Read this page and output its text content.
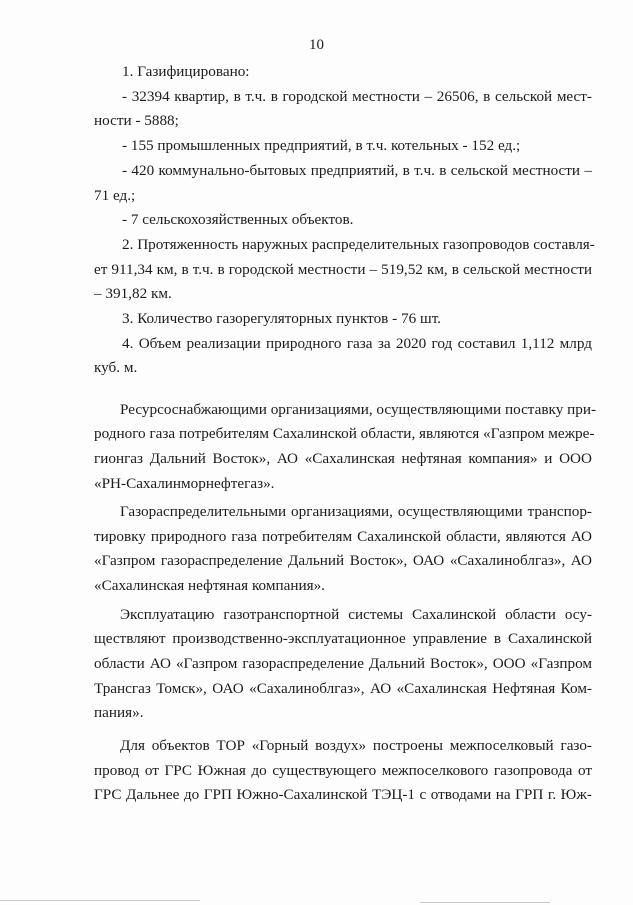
10
1. Газифицировано:
- 32394 квартир, в т.ч. в городской местности – 26506, в сельской мест-
ности - 5888;
- 155 промышленных предприятий, в т.ч. котельных - 152 ед.;
- 420 коммунально-бытовых предприятий, в т.ч. в сельской местности –
71 ед.;
- 7 сельскохозяйственных объектов.
2. Протяженность наружных распределительных газопроводов составля-
ет 911,34 км, в т.ч. в городской местности – 519,52 км, в сельской местности
– 391,82 км.
3. Количество газорегуляторных пунктов - 76 шт.
4. Объем реализации природного газа за 2020 год составил 1,112 млрд
куб. м.
Ресурсоснабжающими организациями, осуществляющими поставку при-
родного газа потребителям Сахалинской области, являются «Газпром межре-
гионгаз Дальний Восток», АО «Сахалинская нефтяная компания» и ООО
«РН-Сахалинморнефтегаз».
Газораспределительными организациями, осуществляющими транспор-
тировку природного газа потребителям Сахалинской области, являются АО
«Газпром газораспределение Дальний Восток», ОАО «Сахалиноблгаз», АО
«Сахалинская нефтяная компания».
Эксплуатацию газотранспортной системы Сахалинской области осу-
ществляют производственно-эксплуатационное управление в Сахалинской
области АО «Газпром газораспределение Дальний Восток», ООО «Газпром
Трансгаз Томск», ОАО «Сахалиноблгаз», АО «Сахалинская Нефтяная Ком-
пания».
Для объектов ТОР «Горный воздух» построены межпоселковый газо-
провод от ГРС Южная до существующего межпоселкового газопровода от
ГРС Дальнее до ГРП Южно-Сахалинской ТЭЦ-1 с отводами на ГРП г. Юж-
